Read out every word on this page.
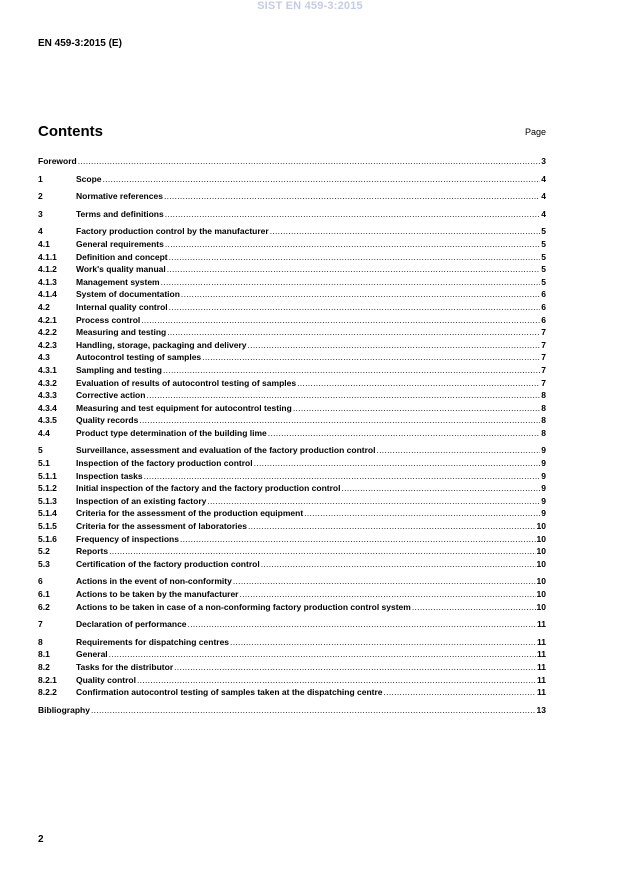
SIST EN 459-3:2015
EN 459-3:2015 (E)
Contents	Page
Foreword .....	3
1	Scope .....	4
2	Normative references .....	4
3	Terms and definitions .....	4
4	Factory production control by the manufacturer .....	5
4.1	General requirements .....	5
4.1.1	Definition and concept .....	5
4.1.2	Work's quality manual .....	5
4.1.3	Management system .....	5
4.1.4	System of documentation .....	6
4.2	Internal quality control .....	6
4.2.1	Process control .....	6
4.2.2	Measuring and testing .....	7
4.2.3	Handling, storage, packaging and delivery .....	7
4.3	Autocontrol testing of samples .....	7
4.3.1	Sampling and testing .....	7
4.3.2	Evaluation of results of autocontrol testing of samples .....	7
4.3.3	Corrective action .....	8
4.3.4	Measuring and test equipment for autocontrol testing .....	8
4.3.5	Quality records .....	8
4.4	Product type determination of the building lime .....	8
5	Surveillance, assessment and evaluation of the factory production control .....	9
5.1	Inspection of the factory production control .....	9
5.1.1	Inspection tasks .....	9
5.1.2	Initial inspection of the factory and the factory production control .....	9
5.1.3	Inspection of an existing factory .....	9
5.1.4	Criteria for the assessment of the production equipment .....	9
5.1.5	Criteria for the assessment of laboratories .....	10
5.1.6	Frequency of inspections .....	10
5.2	Reports .....	10
5.3	Certification of the factory production control .....	10
6	Actions in the event of non-conformity .....	10
6.1	Actions to be taken by the manufacturer .....	10
6.2	Actions to be taken in case of a non-conforming factory production control system .....	10
7	Declaration of performance .....	11
8	Requirements for dispatching centres .....	11
8.1	General .....	11
8.2	Tasks for the distributor .....	11
8.2.1	Quality control .....	11
8.2.2	Confirmation autocontrol testing of samples taken at the dispatching centre .....	11
Bibliography .....	13
2
